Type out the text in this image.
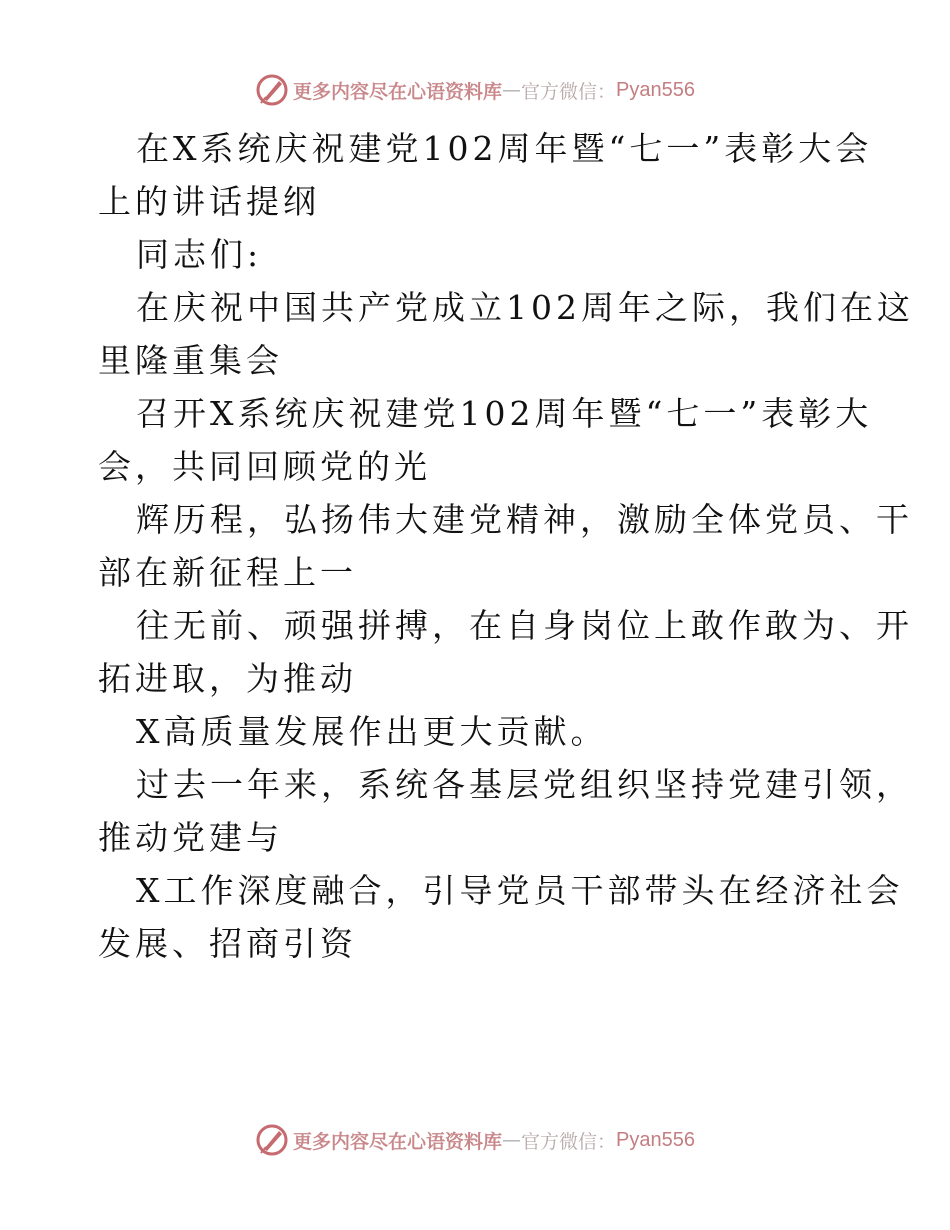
更多内容尽在心语资料库 — 官方微信： Pyan556
在X系统庆祝建党102周年暨“七一”表彰大会
上的讲话提纲
同志们:
在庆祝中国共产党成立102周年之际，我们在这
里隆重集会
召开X系统庆祝建党102周年暨“七一”表彰大
会，共同回顾党的光
辉历程，弘扬伟大建党精神，激励全体党员、干
部在新征程上一
往无前、顽强拼搏，在自身岗位上敢作敢为、开
拓进取，为推动
X高质量发展作出更大贡献。
过去一年来，系统各基层党组织坚持党建引领，
推动党建与
X工作深度融合，引导党员干部带头在经济社会
发展、招商引资
更多内容尽在心语资料库 — 官方微信： Pyan556
